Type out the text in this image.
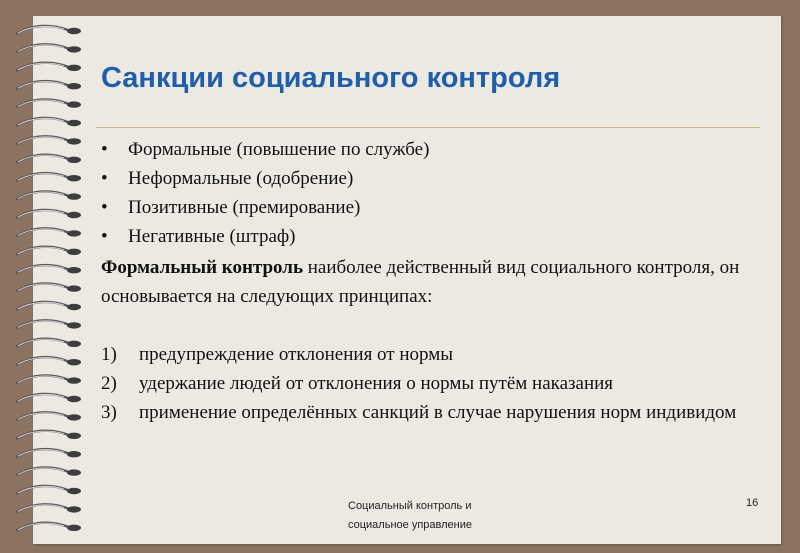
Санкции социального контроля
• Формальные (повышение по службе)
• Неформальные (одобрение)
• Позитивные (премирование)
• Негативные (штраф)

Формальный контроль наиболее действенный вид социального контроля, он основывается на следующих принципах:

1)	предупреждение отклонения от нормы
2)	удержание людей от отклонения о нормы путём наказания
3)	применение определённых санкций в случае нарушения норм индивидом
Социальный контроль и
социальное управление
16
